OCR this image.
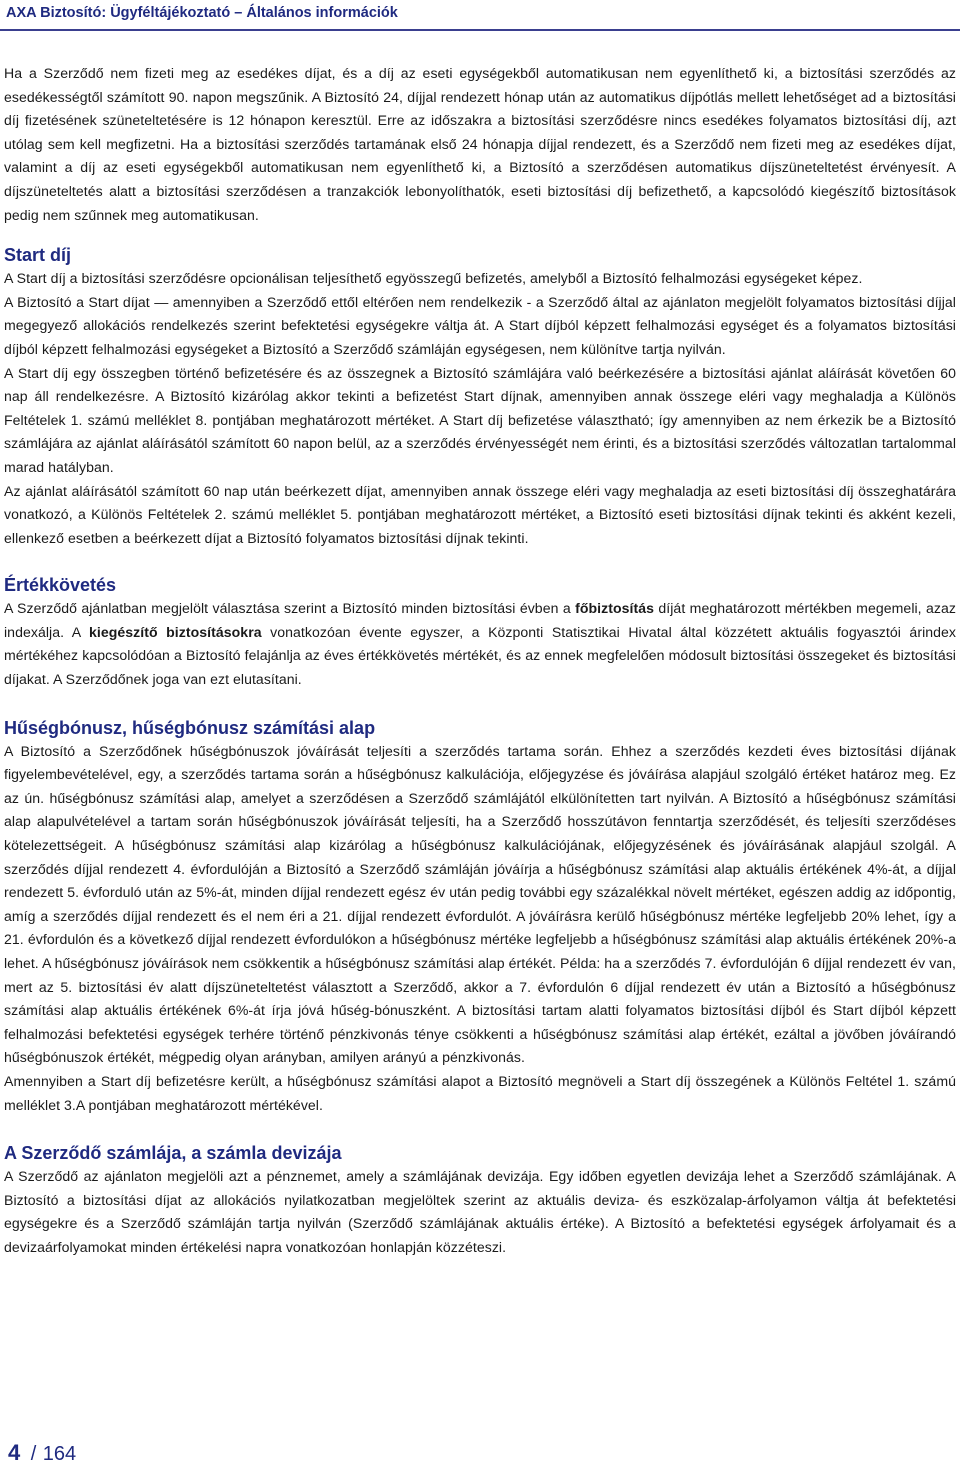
AXA Biztosító: Ügyféltájékoztató – Általános információk

Ha a Szerződő nem fizeti meg az esedékes díjat, és a díj az eseti egységekből automatikusan nem egyenlíthető ki, a biztosítási szerződés az esedékességtől számított 90. napon megszűnik. A Biztosító 24, díjjal rendezett hónap után az automatikus díjpótlás mellett lehetőséget ad a biztosítási díj fizetésének szüneteltetésére is 12 hónapon keresztül. Erre az időszakra a biztosítási szerződésre nincs esedékes folyamatos biztosítási díj, azt utólag sem kell megfizetni. Ha a biztosítási szerződés tartamának első 24 hónapja díjjal rendezett, és a Szerződő nem fizeti meg az esedékes díjat, valamint a díj az eseti egységekből automatikusan nem egyenlíthető ki, a Biztosító a szerződésen automatikus díjszüneteltetést érvényesít. A díjszüneteltetés alatt a biztosítási szerződésen a tranzakciók lebonyolíthatók, eseti biztosítási díj befizethető, a kapcsolódó kiegészítő biztosítások pedig nem szűnnek meg automatikusan.

Start díj

A Start díj a biztosítási szerződésre opcionálisan teljesíthető egyösszegű befizetés, amelyből a Biztosító felhalmozási egységeket képez.

A Biztosító a Start díjat — amennyiben a Szerződő ettől eltérően nem rendelkezik - a Szerződő által az ajánlaton megjelölt folyamatos biztosítási díjjal megegyező allokációs rendelkezés szerint befektetési egységekre váltja át. A Start díjból képzett felhalmozási egységet és a folyamatos biztosítási díjból képzett felhalmozási egységeket a Biztosító a Szerződő számláján egységesen, nem különítve tartja nyilván.

A Start díj egy összegben történő befizetésére és az összegnek a Biztosító számlájára való beérkezésére a biztosítási ajánlat aláírását követően 60 nap áll rendelkezésre. A Biztosító kizárólag akkor tekinti a befizetést Start díjnak, amennyiben annak összege eléri vagy meghaladja a Különös Feltételek 1. számú melléklet 8. pontjában meghatározott mértéket. A Start díj befizetése választható; így amennyiben az nem érkezik be a Biztosító számlájára az ajánlat aláírásától számított 60 napon belül, az a szerződés érvényességét nem érinti, és a biztosítási szerződés változatlan tartalommal marad hatályban.

Az ajánlat aláírásától számított 60 nap után beérkezett díjat, amennyiben annak összege eléri vagy meghaladja az eseti biztosítási díj összeghatárára vonatkozó, a Különös Feltételek 2. számú melléklet 5. pontjában meghatározott mértéket, a Biztosító eseti biztosítási díjnak tekinti és akként kezeli, ellenkező esetben a beérkezett díjat a Biztosító folyamatos biztosítási díjnak tekinti.

Értékkövetés

A Szerződő ajánlatban megjelölt választása szerint a Biztosító minden biztosítási évben a főbiztosítás díját meghatározott mértékben megemeli, azaz indexálja. A kiegészítő biztosításokra vonatkozóan évente egyszer, a Központi Statisztikai Hivatal által közzétett aktuális fogyasztói árindex mértékéhez kapcsolódóan a Biztosító felajánlja az éves értékkövetés mértékét, és az ennek megfelelően módosult biztosítási összegeket és biztosítási díjakat. A Szerződőnek joga van ezt elutasítani.

Hűségbónusz, hűségbónusz számítási alap

A Biztosító a Szerződőnek hűségbónuszok jóváírását teljesíti a szerződés tartama során. Ehhez a szerződés kezdeti éves biztosítási díjának figyelembevételével, egy, a szerződés tartama során a hűségbónusz kalkulációja, előjegyzése és jóváírása alapjául szolgáló értéket határoz meg. Ez az ún. hűségbónusz számítási alap, amelyet a szerződésen a Szerződő számlájától elkülönítetten tart nyilván. A Biztosító a hűségbónusz számítási alap alapulvételével a tartam során hűségbónuszok jóváírását teljesíti, ha a Szerződő hosszútávon fenntartja szerződését, és teljesíti szerződéses kötelezettségeit. A hűségbónusz számítási alap kizárólag a hűségbónusz kalkulációjának, előjegyzésének és jóváírásának alapjául szolgál. A szerződés díjjal rendezett 4. évfordulóján a Biztosító a Szerződő számláján jóváírja a hűségbónusz számítási alap aktuális értékének 4%-át, a díjjal rendezett 5. évforduló után az 5%-át, minden díjjal rendezett egész év után pedig további egy százalékkal növelt mértéket, egészen addig az időpontig, amíg a szerződés díjjal rendezett és el nem éri a 21. díjjal rendezett évfordulót. A jóváírásra kerülő hűségbónusz mértéke legfeljebb 20% lehet, így a 21. évfordulón és a következő díjjal rendezett évfordulókon a hűségbónusz mértéke legfeljebb a hűségbónusz számítási alap aktuális értékének 20%-a lehet. A hűségbónusz jóváírások nem csökkentik a hűségbónusz számítási alap értékét. Példa: ha a szerződés 7. évfordulóján 6 díjjal rendezett év van, mert az 5. biztosítási év alatt díjszüneteltetést választott a Szerződő, akkor a 7. évfordulón 6 díjjal rendezett év után a Biztosító a hűségbónusz számítási alap aktuális értékének 6%-át írja jóvá hűség-bónuszként. A biztosítási tartam alatti folyamatos biztosítási díjból és Start díjból képzett felhalmozási befektetési egységek terhére történő pénzkivonás ténye csökkenti a hűségbónusz számítási alap értékét, ezáltal a jövőben jóváírandó hűségbónuszok értékét, mégpedig olyan arányban, amilyen arányú a pénzkivonás.

Amennyiben a Start díj befizetésre került, a hűségbónusz számítási alapot a Biztosító megnöveli a Start díj összegének a Különös Feltétel 1. számú melléklet 3.A pontjában meghatározott mértékével.

A Szerződő számlája, a számla devizája

A Szerződő az ajánlaton megjelöli azt a pénznemet, amely a számlájának devizája. Egy időben egyetlen devizája lehet a Szerződő számlájának. A Biztosító a biztosítási díjat az allokációs nyilatkozatban megjelöltek szerint az aktuális deviza- és eszközalap-árfolyamon váltja át befektetési egységekre és a Szerződő számláján tartja nyilván (Szerződő számlájának aktuális értéke). A Biztosító a befektetési egységek árfolyamait és a devizaárfolyamokat minden értékelési napra vonatkozóan honlapján közzéteszi.

4 / 164
